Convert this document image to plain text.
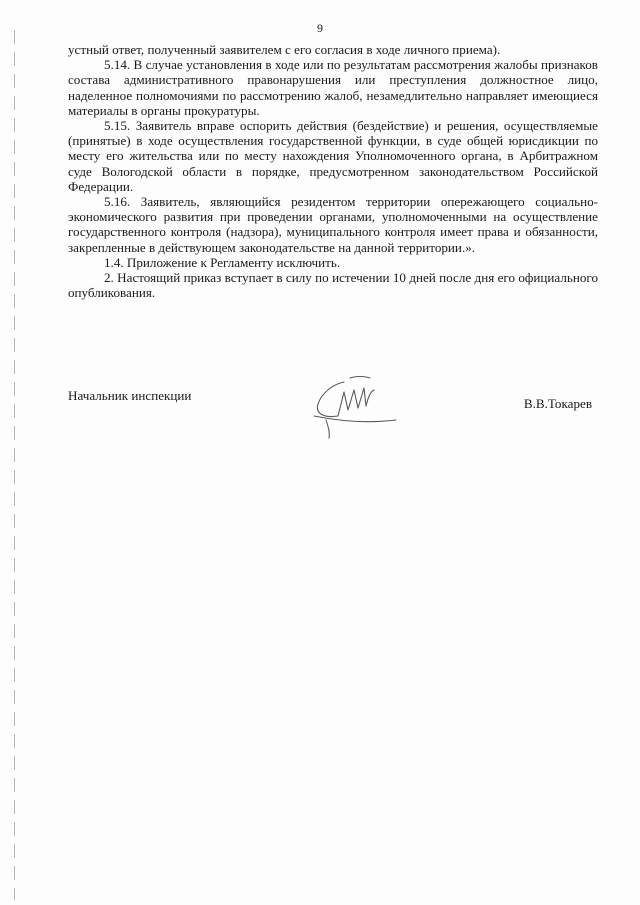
9

устный ответ, полученный заявителем с его согласия в ходе личного приема).

5.14. В случае установления в ходе или по результатам рассмотрения жалобы признаков состава административного правонарушения или преступления должностное лицо, наделенное полномочиями по рассмотрению жалоб, незамедлительно направляет имеющиеся материалы в органы прокуратуры.

5.15. Заявитель вправе оспорить действия (бездействие) и решения, осуществляемые (принятые) в ходе осуществления государственной функции, в суде общей юрисдикции по месту его жительства или по месту нахождения Уполномоченного органа, в Арбитражном суде Вологодской области в порядке, предусмотренном законодательством Российской Федерации.

5.16. Заявитель, являющийся резидентом территории опережающего социально-экономического развития при проведении органами, уполномоченными на осуществление государственного контроля (надзора), муниципального контроля имеет права и обязанности, закрепленные в действующем законодательстве на данной территории.».

1.4. Приложение к Регламенту исключить.

2. Настоящий приказ вступает в силу по истечении 10 дней после дня его официального опубликования.

Начальник инспекции
В.В.Токарев
